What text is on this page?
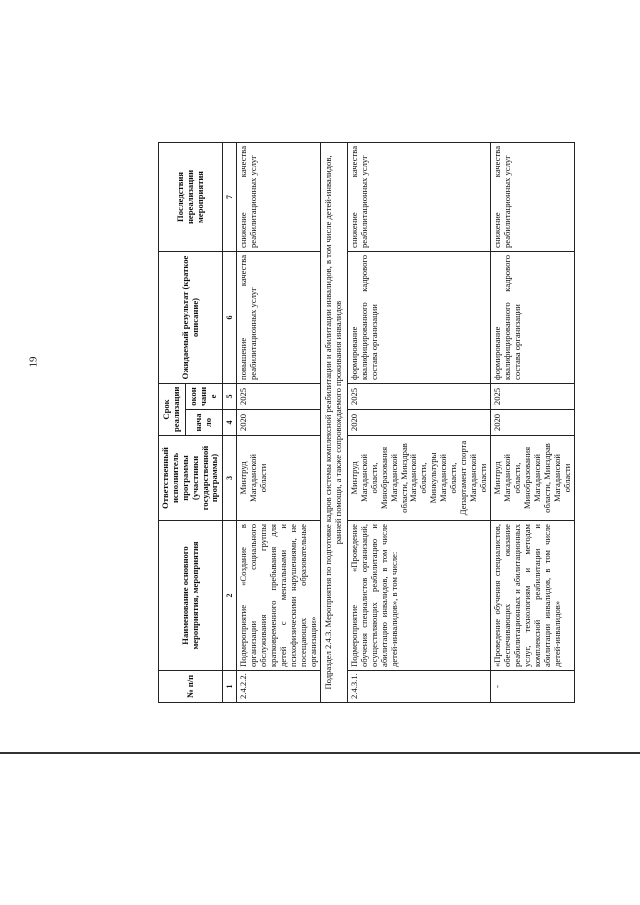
19
№ п/п	Наименование основного мероприятия, мероприятия	Ответственный исполнитель программы (участники государственной программы)	Срок реализации		Ожидаемый результат (краткое описание)	Последствия нереализации мероприятия
			нача ло	окон чани е		
1	2	3	4	5	6	7
2.4.2.2.	Подмероприятие «Создание в организации социального обслуживания группы кратковременного пребывания для детей с ментальными и психофизическими нарушениями, не посещающих образовательные организации»	Минтруд Магаданской области	2020	2025	повышение качества реабилитационных услуг	снижение качества реабилитационных услуг
Подраздел 2.4.3. Мероприятия по подготовке кадров системы комплексной реабилитации и абилитации инвалидов, в том числе детей-инвалидов, ранней помощи, а также сопровождаемого проживания инвалидов						
2.4.3.1.	Подмероприятие «Проведение обучения специалистов организаций, осуществляющих реабилитацию и абилитацию инвалидов, в том числе детей-инвалидов», в том числе:	Минтруд Магаданской области, Минобразования Магаданской области, Минздрав Магаданской области, Минкультуры Магаданской области, Департамент спорта Магаданской области	2020	2025	формирование квалифицированного кадрового состава организации	снижение качества реабилитационных услуг
-	«Проведение обучения специалистов, обеспечивающих оказание реабилитационных и абилитационных услуг, технологиям и методам комплексной реабилитации и абилитации инвалидов, в том числе детей-инвалидов»	Минтруд Магаданской области, Минобразования Магаданской области, Минздрав Магаданской области	2020	2025	формирование квалифицированного кадрового состава организации	снижение качества реабилитационных услуг
